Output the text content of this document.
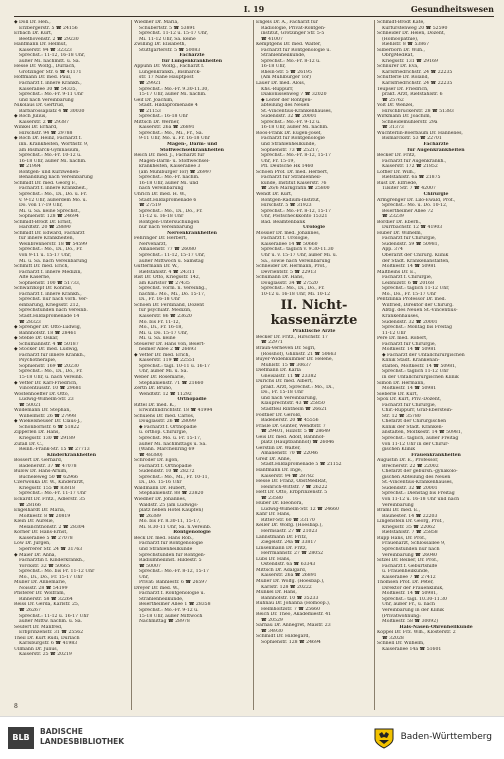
I. 19	Gesundheitswesen
◆ Doll Dr. Hen.,
Erzbergerstr. 5 ☎ 24156
Erbach Dr. Kurt,
Beethovenstr. 2 ☎ 29230
Hanfmann Dr. Helmut,
Kaiserstr. 94 ☎ 32323
Sprechst.: 11-12, 16-18 Uhr,
außer Mi. nachmitt. u. Sa.
Hesse Dr. Wolfg., Durlach,
Grötzinger Str. 6 ☎ 41171
Hoffmann Dr. med. Paul,
Facharzt f. innere Krankh.,
Kaiserallee 30 ☎ 54335,
Sprechst.: Mo.-Fr. 9-11 Uhr
und nach Vereinbarung
Nikolaus Dr. Gertrud,
Barbarossaplatz 4 ☎ 30030
◆ Roch Julius,
Kaiserstr. 2 ☎ 29387
Winkel Dr. Erhard,
Hirschstr. 94 ☎ 29788
◆ Roch Dr. Heinz, Facharzt f.
inn. Krankheiten, Wörthstr. 9,
am Bismarck-Gymnasium,
Sprechst.: Mo.-Fr. 10-12 u.
16-18 Uhr, außer Mi. nachm.
☎ 21984
Röntgen- und Kurzwellen-
Behandlung nach Vereinbarung
Schmidt Dr. med. Georg F.,
Facharzt f. innere Krankheit.,
Sprechst.: Mo., Di., Do. u. Fr.
v. 9-12 Uhr, außerdem Mo. u.
Do. von 17-19 Uhr,
Mi. u. Sa. keine Sprechst.,
Sophienstr. 128 ☎ 24694
Schmidt-Brodt Dr. Ernst,
Hardtstr. 20 ☎ 28890
Schmidt Dr. Edward, Facharzt
für innere Krankheiten,
Weinbrennerstr. 18 ☎ 54599
Sprechst.: Mo., Di., Do., Fr.
von 9-11 u. 15-17 Uhr,
Mi. u. Sa. nach Vereinbarung
Schmitt Dr. med. Erich,
Facharzt f. innere Medizin,
Alte Kaserne,
Sophienstr. 100 ☎ 51733,
Schwarzkopf Dr. Konrad,
Facharzt f. innere Krankh.,
Sprechst. nur nach vorh. Ver-
einbarung, Kriegsstr. 212,
Sprechstunden nach Vereinb.
Städt.Hildapromenade 14
☎ 28323
◆ Sprenger Dr. Otto-Ludwig,
Bahnhofstr. 18 ☎ 28461
◆ Steble Dr. Oskar,
Schumannstr. 4 ☎ 50187
◆ Stocker Dr. med. Ludwig,
Facharzt für innere Krankh.,
Psychotherapie,
Sophienstr. 169 ☎ 20230
Sprechst.: Mo., Di., Do., Fr.
15-18 Uhr, u. nach Vereinb.
◆ Vetter Dr. Karl-Friedrich,
Vincentiusstr. 10 ☎ 29681
Wostenhoeffer Dr. Otto,
Ludwig-Wilhelm-Str. 23
☎ 50021
Wildemann Dr. Stephan,
Wilhelmstr. 26 ☎ 27998
◆ Wiekelsheuser Dr. Claus-J.,
Schönbornstr. 6 ☎ 51822
Zipperlen Dr. Hans,
Kriegsstr. 130 ☎ 29189
Zufall Dr. C.,
Reinh.-Frank-Str. 15 ☎ 27713
Kinderkrankheiten
Bossert Dr. Gerhard,
Badenerstr. 37 ☎ 47078
Bülow Dr. Hans-Arnim,
Bücheleweg 50 ☎ 62966
Czerwonka Dr. W., Kinderarzt,
Kriegsstr. 155 ☎ 83818
Sprechst.: Mo.-Fr. 11-17 Uhr
Eckardt Dr. Fritz., Adlerstr. 35
☎ 28166
Engelhardt Dr. Maria,
Moltkestr. 8 ☎ 20819
Klein Dr. Aurelie,
Melanchthonstr. 2 ☎ 28304
Körner Dr. Hans-Ernst,
Kaiserallee 5 ☎ 27078
Löw Dr. Jürgen,
Sperrerer Str. 24 ☎ 31763
◆ Maier Dr. Anna,
Fachärztin f. Kinderkrankh.,
Yorckstr. 32 ☎ 50665
Sprechst.: Mo. bis Fr. 11-12 Uhr
Mo., Di., Do., Fr. 15-17 Uhr
Müller Dr. Annemarie,
Noisstr. 28 ☎ 54199
Pfisterer Dr. Wolfram,
Rinnerstr. 58 ☎ 32264
Reiss Dr. Gerda, Karlstr. 25,
☎ 26267
Sprechst.: 11-12 u. 16-17 Uhr
außer Mittw. nachm. u. Sa.
Seufert Dr. Manfred,
Erbprinzenstr. 31 ☎ 25562
Theil Dr. Kurt Rudi, Durlach
Karlsburgstr. 6 ☎ 41983
Ullmann Dr. Julius,
Kaiserstr. 25 ☎ 20219
Wiedner Dr. Maria,
Schubertstr. 5 ☎ 53891
Sprechst. 11-12 u. 15-17 Uhr,
Mi. 11-12 Uhr, Sa. keine
Zwilling Dr. Elisabeth,
Stuttgarterstr. 5 ☎ 50083
Fachärzte
für Lungenkrankheiten
Appuhn Dr. Wolfg., Facharzt f.
Lungenkrankh., Bismarck-
str. 17 Nähe Hauptpost
☎ 29921
Sprechst.: Mo.-Fr. 9.30-11.30,
15-17 Uhr, außer Mi. nachm.
Geif Dr. Joachim,
Städt. Hildapromenade 4
☎ 21153
Sprechst.: 16-18 Uhr
Mittsch Dr. Werner,
Kaiserstr. 26a ☎ 26891
Sprechst.: Mo., Mi., Fr., Sa.
9-11 Uhr, Mo. u. Fr. 16-18 Uhr
Magen-, Darm- und
Stoffwechselkrankheiten
Reich Dr. med. J., Facharzt für
Magen-Darm- u. Stoffwechsel-
krankheiten, Kaiserallee 3
(am Mühlburger Tor) ☎ 26997
Sprechst.: Mo.-Fr. nachm.
16-18 Uhr, außer Mi. und
nach Vereinbarung
Uhrich Dr. med. H. W.,
Städt.Hildapromenade 6
☎ 27519
Sprechst.: Mo., Di., Do., Fr.
11-12 u. 16-18 Uhr
Röntgen-Untersuchungen
nur nach Vereinbarung
Nervenkrankheiten
Fehringer Dr. Herbert,
Nervenarzt,
Amalienstr. 77 ☎ 26080
Sprechst.: 11-12, 15-17 Uhr,
außer Mittwoch u. Samstag
Guttermann Dr. W.,
Riefstahlstr. 4 ☎ 24311
Rist Dr. Otto, Kriegsstr. 142,
am Karlstor ☎ 27435
Sprechst. vorm. n. Vereinbg.,
nachm.: Mo., Mi., Do. 15-17,
Di., Fr. 16-18 Uhr
Schoen Dr. Ferdinand, Dozent
für psychiatr. Medizin,
Kaiserstr. 86 ☎ 23620
Mo. bis Fr. 11-12,
Mo., Di., Fr. 16-18,
Mi. u. Do. 15-17 Uhr,
Mi. u. Sa. keine
Steuerer Dr. Hans von, Beiert-
heimer Allee 2 ☎ 26693
◆ Vetter Dr. med. Erich,
Kaiserstr. 119 ☎ 22551
Sprechst.: tägl. 10-11 u. 16-17
Uhr, außer Mi. u. Sa.
Weber Dr. Rosemarie,
Stephanienstr. 71 ☎ 21660
Zerth Dr. Bruno,
Wendtstr. 12 ☎ 11292
Orthopädie
Rittel Dr. med. K.,
Erwinflindrichtstr. 18 ☎ 41994
Schuiens Dr. med. Carlos,
Douglasstr. 26 ☎ 28099
◆ Facharzt f. Orthopädie
u. orthop. Chirurgie,
Sprechst. Mo. u. Fr. 15-17,
außer Mi. nachmittags u. Sa.
(Wahn. Märchenring 69
☎ 48380)
Schröder Dr. Egon,
Facharzt f. Orthopädie
Südendstr. 10 ☎ 28272
Sprechst.: Mo., Mi., Fr. 10-11,
Di., Do. 15-16 Uhr
Waldmann Dr. Hubert,
Stephanienstr. 88 ☎ 23820
Wiedner Dr. Johannes,
Waldstr. 25 (am Ludwigs-
platz neben Hotel Kaupfen)
☎ 26389
Mo. bis Fr. 8.30-11, 15-17,
Mi. 8.30-11 Uhr, Sa. n.Vereinb.
Röntgenologie
Beck Dr. med. Hans Rob.,
Facharzt für Röntgenologie
und Strahlenheilkunde
Sprechstunden für Röntgen-
Radiumheilinst. Hildestr. 5
☎ 50007
Sprechst.: Mo.-Fr. 8-12, 15-17
Uhr,
Privat: Bähnlestr. 6 ☎ 26597
Dreyer Dr. med. W.,
Facharzt f. Röntgenologie u.
Strahlenheilkunde,
Beiertheimer Allee 1 ☎ 28358
Sprechst.: Mo.-Fr. 9-12 u.
15-18 Uhr, außer Mittwoch
Nachmittag ☎ 28978
Engels Dr. A., Facharzt für
Radiologie, Privat-Röntgen-
institut, Grötzinger Str. 5-5
☎ 41007
Kemptgens Dr. med. Walter,
Facharzt für Röntgenologie u.
Strahlenheilkunde,
Sprechst.: Mo.-Fr. 8-12 u.
16-18 Uhr,
Rhein-Str. 5 ☎ 26195
(Am Mühlburger Tor)
Lauer Dr. med. Alois,
Khs.-Rüppurr,
Diakonissenweg 7 ☎ 32020
◆ Leiter der Röntgen-
abteilung des Neuen
St.-Vincentius-Krankenhauses,
Südendstr. 32 ☎ 20001
Sprechst.: Mo.-Fr. 9-12 u.
16-18 Uhr, außer Mi. nachm.
Roos-Frank Dr. Eugen-Josef,
Facharzt für Röntgenologie
und Strahlenheilkunde,
Sophienstr. 73 ☎ 25217,
Sprechst.: Mo.-Fr. 8-12, 15-17
Uhr, Fr. 15-19,
Pfl. Deutsche Hk 1460
Schoen Prof. Dr. med. Herbert,
Facharzt für Strahlenheil-
kunde, Institut Kaiserstr. 76
☎ 26/6 Markgräfin ☎ 25800
Wendt Dr. Kurt,
Röntgen-Radium-Institut,
Hirschstr. 5 ☎ 31923
Sprechst.: Mo.-Fr. 8-12, 15-17
Uhr, Postscheckkonto 15321
Bad. Beamtenbank
Urologie
Mossier Dr. med. Johannes,
Facharzt f. Urologie,
Kaiserallee 14 ☎ 50660
Sprechst.: täglich v. 9.30-11.30
Uhr u. v. 15-17 Uhr, außer Mi. u.
Sa., sowie nach Vereinbarung
Schneider Dr. Hermann, Prof.,
Devrientstr. 5 ☎ 22913
Schumann Dr. Hans,
Douglasstr. 34 ☎ 27520
Sprechst.: Mo., Di., Do., Fr.
10-12 u. 16-18 Uhr, Mi. 10-12
II. Nicht-
kassenärzte
Praktische Ärzte
Becker Dr. Fritz., Hirschstr. 17
☎ 22971
Braun-Verheven Dr. Sigri,
(Rosshof), Ghlinstr. 21 ☎ 50663
Buyer-Widenkümmer Dr. Helene,
Mühlstr. 15 ☎ 30637
Diefmann Dr. Karla
Gneisalstr. 11 ☎ 23382
Dürichs Dr. med. Albert,
prakt. Arzt, Sprechst.: Mo., Di.,
Do., Fr. 15-18 Uhr
und nach Vereinbarung,
Klauprechtstr. 43 ☎ 25850
Stadtteil Rintheim ☎ 26621
Födtner Dr. Gerold,
Badenerstr. 20 ☎ 45556
Fräsle Dr. Günter, Wendtstr. 7
☎ 29401, Hilzstr. 5 ☎ 28649
Geis Dr. med. Adolf, Bahnhof-
platz (Hauptbahnhof) ☎ 26046
Gerstlin Dr. Walter,
Amalienstr. 70 ☎ 22046
Greif Dr. Anne,
Städt.Hildapromenade 5 ☎ 21152
Hanfmann Dr. Inge,
Kaiserstr. 94 ☎ 28782
Hesse Dr. Franz, ObstMedRat,
Heinrich-Wittstr. 7 ☎ 26222
Hett Dr. Otto, Erbprinzenstr. 5
☎ 23580
Huber Dr. Eleonora,
Ludwig-Wilhelm-Str. 12 ☎ 24660
Kähr Dr. Hans,
Ritter-Str. 60 ☎ 33170
Keller Dr. Wolfg. (Hoesbap.),
Hermsastr. 27 ☎ 21023
Lannstmann Dr. Fritz,
Ziegelstr. 24a ☎ 33817
Linsenmann Dr. Fritz,
Herrmannstr. 27 ☎ 28052
Lübs Dr. Hans,
Ostendstr. 6a ☎ 63343
Mittsch Dr. Adalgard,
Kaiserstr. 26a ☎ 26891
Müller Dr. Wolfg. (Hoesbap.),
Karlstr. 128 ☎ 20222
Munkel Dr. Hans,
Bahnhofstr. 10 ☎ 35233
Ruhnau Dr. Johanna (Homöop.),
Helmholtzstr. 7 ☎ 25660
Reich Dr. Theo, Akademiestr. 41
☎ 20529
Sarnau Dr. Annegret, Maistr. 23
☎ 34930
Schmidt Dr. Hildegard,
Sophienstr. 128 ☎ 24694
Schmidt-Brodt Käte,
Kurfürstenweg 20 ☎ 52590
Schneider Dr. Helen, Dozent,
(Homöopathie),
Riehlstr. 8 ☎ 53867
Silberborn Dr. Wilh.,
ObrgMedRat,
Kriegsstr. 131 ☎ 29169
Schnürer Dr. Eva,
Karlsfriedrichstr. 24 ☎ 22235
Schütterle Dr. Roland,
Karlsfriedrichstr. 24 ☎ 22235
Teupser Dr. Friedrich,
prakt. Arzt, Riefstahlstr. 6
☎ 25762
Volt Dr. Wenzel,
Hirschbrückerstr. 28 ☎ 51383
Wirkmann Dr. Joachim,
Schneidemühlerstr. 29a
☎ 31373
Wuchterlin-Boerbaum Dr. Hannelies,
Bismarckstr. 53 ☎ 22701
Fachärzte
für Augenkrankheiten
Becker Dr. Fritz,
Facharzt für Augenkrankh.,
Kaiserstr. 172 ☎ 21852
Löffler Dr. Wilh.,
Riefstahlstr. 6a ☎ 21875
Rüst Dr. Elfriede,
Tilsiter Str. 7 ☎ 42007
Chirurgie
Armgrenger Dr. Lilo-Ewald, Prof.,
Sprechst.: Mo. u. Do. 10-12,
Beiertheimer Allee 72
☎ 23239
Bordier Dr. Eberh.,
Dürrbachstr. 12 ☎ 41903
Huber Dr. Wilhelm,
Facharzt für Chirurgie,
Südendstr. 59 ☎ 50981,
App. 374
Oberarzt der Chirurg. Klinik
der Städt. Krankenanstalten,
Moltkestr. 14 ☎ 50981
Maltheins Dr. E.,
Facharzt f. Chirurgie,
Leibnizstr. 6 ☎ 20168
Sprechst.: täglich 11-12 Uhr,
Mo., Do., Fr. 15-17 Uhr
Pentzlinka Professor Dr. med.
Wilfried, Direktor der Chirurg.
Abtlg. des Neuen St.-Vincentius-
Krankenhauses,
Südendstr. 32 ☎ 20001
Sprechst.: Montag bis Freitag
11-12 Uhr
Pere Dr. med. Robert,
Facharzt für Chirurgie,
Moltkestr. 14 ☎ 50981
◆ Facharzt der Unfallchirurgischen
Klinik Städt. Krankenan-
stalten, Moltkestr. 14 ☎ 50981,
Sprechst.: täglich 11-12 Uhr
in der Unfallchirurgischen Klinik
Simon Dr. Hermann,
Moltkestr. 14 ☎ 50981
Sieberle Dr. Kurt,
Spöx Dr. Kurt, Priv.-Dozent,
Facharzt für Chirurgie,
Chir.-Rüppurr, Graf-Eberstein-
Str. 12 ☎ 35780
Chefarzt der Chirurgischen
Klinik der Städt. Kranken-
anstalten, Moltkestr. 14 ☎ 50981,
Sprechst.: täglich, außer Freitag
von 11-12 Uhr in der Chirur-
gischen Klinik
Frauenkrankheiten
Augustin Dr. E., Professor,
Brecherstr. 22 ☎ 22002
Chefarzt der gebursh.-gynäkolo-
gischen Abteilung des Neuen
St.-Vincentius-Krankenhauses,
Südendstr. 32 ☎ 20001
Sprechst.: Dienstag bis Freitag
von 11-12 u. 16-18 Uhr und nach
Vereinbarung
Braml Dr. med. E.,
Baunester. 14 ☎ 22203
Lingenstein Dr. Georg, Prof.,
Kriegsstr. 35 ☎ 22062
Riefstahlstr. 7 ☎ 25858
Rupp Hans, Dr. Prof.,
Frauenarzt, Schlossallee 9,
Sprechstunden nur nach
Vereinbarung ☎ 26040
Sitzel Dr. Reiner, Dr. Prof.,
Facharzt f. Geburtshilfe
u. Frauenheilkunde,
Kaiserallee 7 ☎ 27412
Thomsen Prof. Dr. Peter,
Direktor der Frauenklinik,
Moltkestr. 14 ☎ 50981,
Sprechst.: tägl. 10.30-11.30
Uhr, außer Fr., u. nach
Vereinbarung in der Klinik
(Privatwohnung:
Moltkestr. 58 ☎ 30092)
Hals-Nasen-Ohrenheilkunde
Koppel Dr. Frz. Wlh., Klosterstr. 2
☎ 32028
Schnell Dr. Wilhelm,
Kaiserallee 14a ☎ 51601
8
BLB
BADISCHE
LANDESBIBLIOTHEK	Baden-Württemberg
